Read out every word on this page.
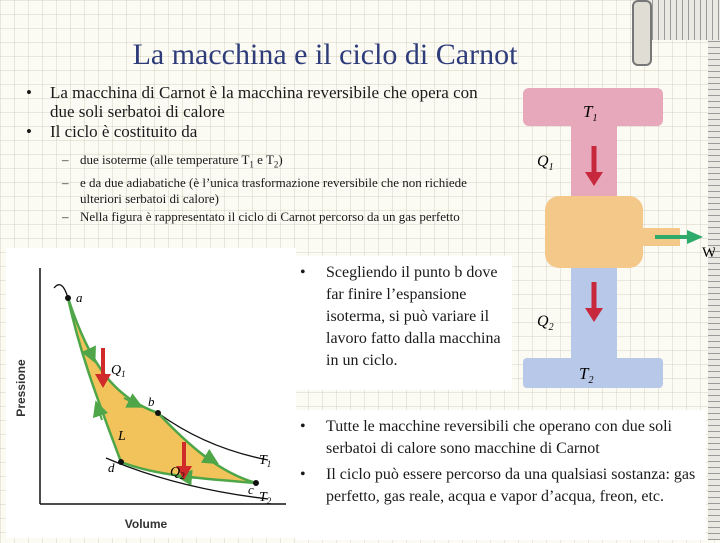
La macchina e il ciclo di Carnot
• La macchina di Carnot è la macchina reversibile che opera con due soli serbatoi di calore
• Il ciclo è costituito da
– due isoterme (alle temperature $T_1$ e $T_2$)
– e da due adiabatiche (è l’unica trasformazione reversibile che non richiede ulteriori serbatoi di calore)
– Nella figura è rappresentato il ciclo di Carnot percorso da un gas perfetto
a
b
c
d
$Q_1$
$Q_2$
L
$T_1$
$T_2$
Pressione
Volume
$T_1$
$Q_1$
$Q_2$
$T_2$
W
• Scegliendo il punto b dove far finire l’espansione isoterma, si può variare il lavoro fatto dalla macchina in un ciclo.
• Tutte le macchine reversibili che operano con due soli serbatoi di calore sono macchine di Carnot
• Il ciclo può essere percorso da una qualsiasi sostanza: gas perfetto, gas reale, acqua e vapor d’acqua, freon, etc.
